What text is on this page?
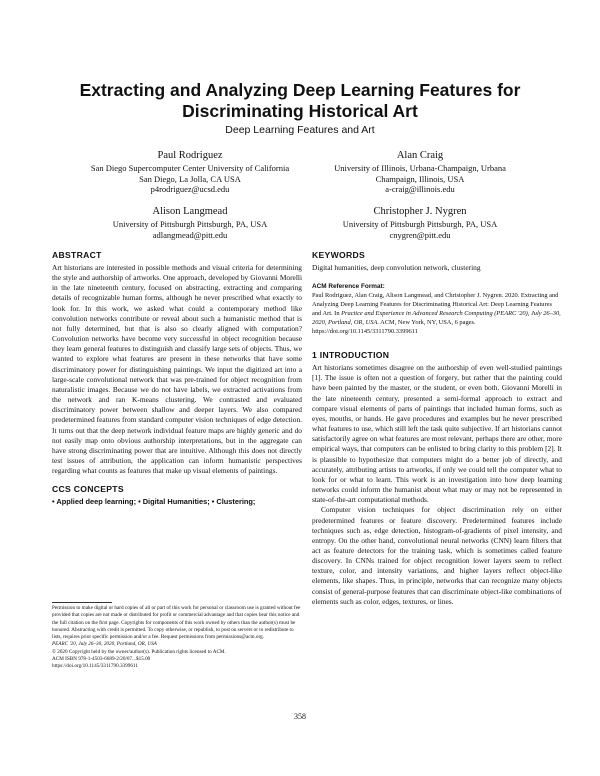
Extracting and Analyzing Deep Learning Features for Discriminating Historical Art
Deep Learning Features and Art
Paul Rodriguez
San Diego Supercomputer Center University of California
San Diego, La Jolla, CA USA
p4rodriguez@ucsd.edu
Alan Craig
University of Illinois, Urbana-Champaign, Urbana
Champaign, Illinois, USA
a-craig@illinois.edu
Alison Langmead
University of Pittsburgh Pittsburgh, PA, USA
adlangmead@pitt.edu
Christopher J. Nygren
University of Pittsburgh Pittsburgh, PA, USA
cnygren@pitt.edu
ABSTRACT

Art historians are interested in possible methods and visual criteria for determining the style and authorship of artworks. One approach, developed by Giovanni Morelli in the late nineteenth century, focused on abstracting, extracting and comparing details of recognizable human forms, although he never prescribed what exactly to look for. In this work, we asked what could a contemporary method like convolution networks contribute or reveal about such a humanistic method that is not fully determined, but that is also so clearly aligned with computation? Convolution networks have become very successful in object recognition because they learn general features to distinguish and classify large sets of objects. Thus, we wanted to explore what features are present in these networks that have some discriminatory power for distinguishing paintings. We input the digitized art into a large-scale convolutional network that was pre-trained for object recognition from naturalistic images. Because we do not have labels, we extracted activations from the network and ran K-means clustering. We contrasted and evaluated discriminatory power between shallow and deeper layers. We also compared predetermined features from standard computer vision techniques of edge detection. It turns out that the deep network individual feature maps are highly generic and do not easily map onto obvious authorship interpretations, but in the aggregate can have strong discriminating power that are intuitive. Although this does not directly test issues of attribution, the application can inform humanistic perspectives regarding what counts as features that make up visual elements of paintings.

CCS CONCEPTS

• Applied deep learning; • Digital Humanities; • Clustering;

Permission to make digital or hard copies of all or part of this work for personal or classroom use is granted without fee provided that copies are not made or distributed for profit or commercial advantage and that copies bear this notice and the full citation on the first page. Copyrights for components of this work owned by others than the author(s) must be honored. Abstracting with credit is permitted. To copy otherwise, or republish, to post on servers or to redistribute to lists, requires prior specific permission and/or a fee. Request permissions from permissions@acm.org.

PEARC '20, July 26–30, 2020, Portland, OR, USA

© 2020 Copyright held by the owner/author(s). Publication rights licensed to ACM.

ACM ISBN 978-1-4503-6689-2/20/07...$15.00

https://doi.org/10.1145/3311790.3399611

KEYWORDS

Digital humanities, deep convolution network, clustering

ACM Reference Format:

Paul Rodriguez, Alan Craig, Alison Langmead, and Christopher J. Nygren. 2020. Extracting and Analyzing Deep Learning Features for Discriminating Historical Art: Deep Learning Features and Art. In Practice and Experience in Advanced Research Computing (PEARC '20), July 26–30, 2020, Portland, OR, USA. ACM, New York, NY, USA, 6 pages. https://doi.org/10.1145/3311790.3399611

1 INTRODUCTION

Art historians sometimes disagree on the authorship of even well-studied paintings [1]. The issue is often not a question of forgery, but rather that the painting could have been painted by the master, or the student, or even both. Giovanni Morelli in the late nineteenth century, presented a semi-formal approach to extract and compare visual elements of parts of paintings that included human forms, such as eyes, mouths, or hands. He gave procedures and examples but he never prescribed what features to use, which still left the task quite subjective. If art historians cannot satisfactorily agree on what features are most relevant, perhaps there are other, more empirical ways, that computers can be enlisted to bring clarity to this problem [2]. It is plausible to hypothesize that computers might do a better job of directly, and accurately, attributing artists to artworks, if only we could tell the computer what to look for or what to learn. This work is an investigation into how deep learning networks could inform the humanist about what may or may not be represented in state-of-the-art computational methods.

Computer vision techniques for object discrimination rely on either predetermined features or feature discovery. Predetermined features include techniques such as, edge detection, histogram-of-gradients of pixel intensity, and entropy. On the other hand, convolutional neural networks (CNN) learn filters that act as feature detectors for the training task, which is sometimes called feature discovery. In CNNs trained for object recognition lower layers seem to reflect texture, color, and intensity variations, and higher layers reflect object-like elements, like shapes. Thus, in principle, networks that can recognize many objects consist of general-purpose features that can discriminate object-like combinations of elements such as color, edges, textures, or lines.

358
